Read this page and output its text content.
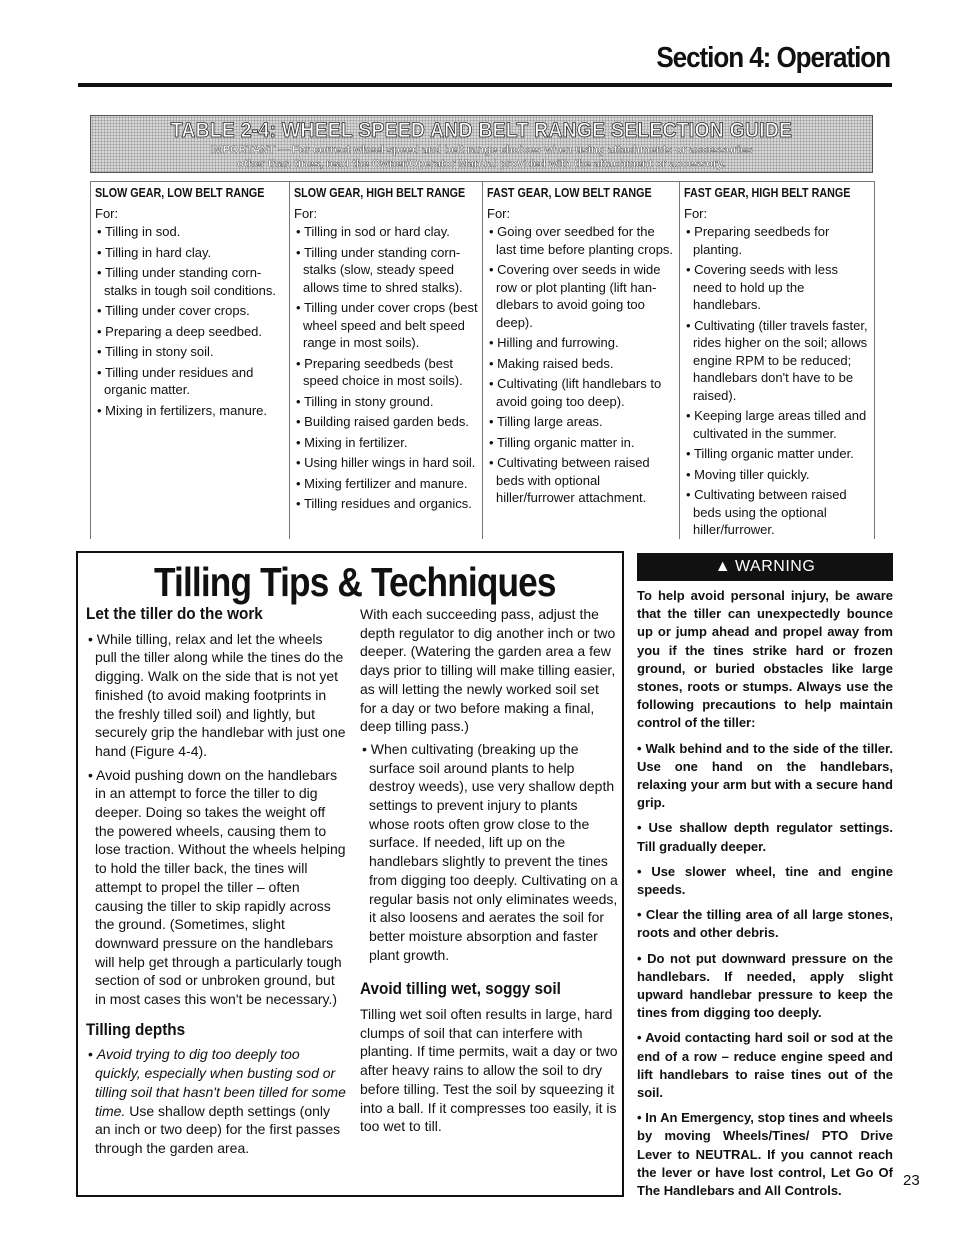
Section 4: Operation
TABLE 2-4: WHEEL SPEED AND BELT RANGE SELECTION GUIDE
IMPORTANT — For correct wheel speed and belt range choices when using attachments or accessories
other than tines, read the Owner/Operator Manual provided with the attachment or accessory.
SLOW GEAR, LOW BELT RANGE
For:
• Tilling in sod.
• Tilling in hard clay.
• Tilling under standing corn-stalks in tough soil conditions.
• Tilling under cover crops.
• Preparing a deep seedbed.
• Tilling in stony soil.
• Tilling under residues and organic matter.
• Mixing in fertilizers, manure.
SLOW GEAR, HIGH BELT RANGE
For:
• Tilling in sod or hard clay.
• Tilling under standing corn-stalks (slow, steady speed allows time to shred stalks).
• Tilling under cover crops (best wheel speed and belt speed range in most soils).
• Preparing seedbeds (best speed choice in most soils).
• Tilling in stony ground.
• Building raised garden beds.
• Mixing in fertilizer.
• Using hiller wings in hard soil.
• Mixing fertilizer and manure.
• Tilling residues and organics.
FAST GEAR, LOW BELT RANGE
For:
• Going over seedbed for the last time before planting crops.
• Covering over seeds in wide row or plot planting (lift han-dlebars to avoid going too deep).
• Hilling and furrowing.
• Making raised beds.
• Cultivating (lift handlebars to avoid going too deep).
• Tilling large areas.
• Tilling organic matter in.
• Cultivating between raised beds with optional hiller/furrower attachment.
FAST GEAR, HIGH BELT RANGE
For:
• Preparing seedbeds for planting.
• Covering seeds with less need to hold up the handlebars.
• Cultivating (tiller travels faster, rides higher on the soil; allows engine RPM to be reduced; handlebars don't have to be raised).
• Keeping large areas tilled and cultivated in the summer.
• Tilling organic matter under.
• Moving tiller quickly.
• Cultivating between raised beds using the optional hiller/furrower.
Tilling Tips & Techniques
Let the tiller do the work
• While tilling, relax and let the wheels pull the tiller along while the tines do the digging. Walk on the side that is not yet finished (to avoid making footprints in the freshly tilled soil) and lightly, but securely grip the handlebar with just one hand (Figure 4-4).
• Avoid pushing down on the handlebars in an attempt to force the tiller to dig deeper. Doing so takes the weight off the powered wheels, causing them to lose traction. Without the wheels helping to hold the tiller back, the tines will attempt to propel the tiller – often causing the tiller to skip rapidly across the ground. (Sometimes, slight downward pressure on the handlebars will help get through a particularly tough section of sod or unbroken ground, but in most cases this won't be necessary.)
Tilling depths

• Avoid trying to dig too deeply too quickly, especially when busting sod or tilling soil that hasn't been tilled for some time. Use shallow depth settings (only an inch or two deep) for the first passes through the garden area.

With each succeeding pass, adjust the depth regulator to dig another inch or two deeper. (Watering the garden area a few days prior to tilling will make tilling easier, as will letting the newly worked soil set for a day or two before making a final, deep tilling pass.)

• When cultivating (breaking up the surface soil around plants to help destroy weeds), use very shallow depth settings to prevent injury to plants whose roots often grow close to the surface. If needed, lift up on the handlebars slightly to prevent the tines from digging too deeply. Cultivating on a regular basis not only eliminates weeds, it also loosens and aerates the soil for better moisture absorption and faster plant growth.
Avoid tilling wet, soggy soil

Tilling wet soil often results in large, hard clumps of soil that can interfere with planting. If time permits, wait a day or two after heavy rains to allow the soil to dry before tilling. Test the soil by squeezing it into a ball. If it compresses too easily, it is too wet to till.

▲ WARNING

To help avoid personal injury, be aware that the tiller can unexpectedly bounce up or jump ahead and propel away from you if the tines strike hard or frozen ground, or buried obstacles like large stones, roots or stumps. Always use the following precautions to help maintain control of the tiller:

• Walk behind and to the side of the tiller. Use one hand on the handlebars, relaxing your arm but with a secure hand grip.

• Use shallow depth regulator settings. Till gradually deeper.

• Use slower wheel, tine and engine speeds.

• Clear the tilling area of all large stones, roots and other debris.

• Do not put downward pressure on the handlebars. If needed, apply slight upward handlebar pressure to keep the tines from digging too deeply.

• Avoid contacting hard soil or sod at the end of a row – reduce engine speed and lift handlebars to raise tines out of the soil.

• In An Emergency, stop tines and wheels by moving Wheels/Tines/ PTO Drive Lever to NEUTRAL. If you cannot reach the lever or have lost control, Let Go Of The Handlebars and All Controls.

23
